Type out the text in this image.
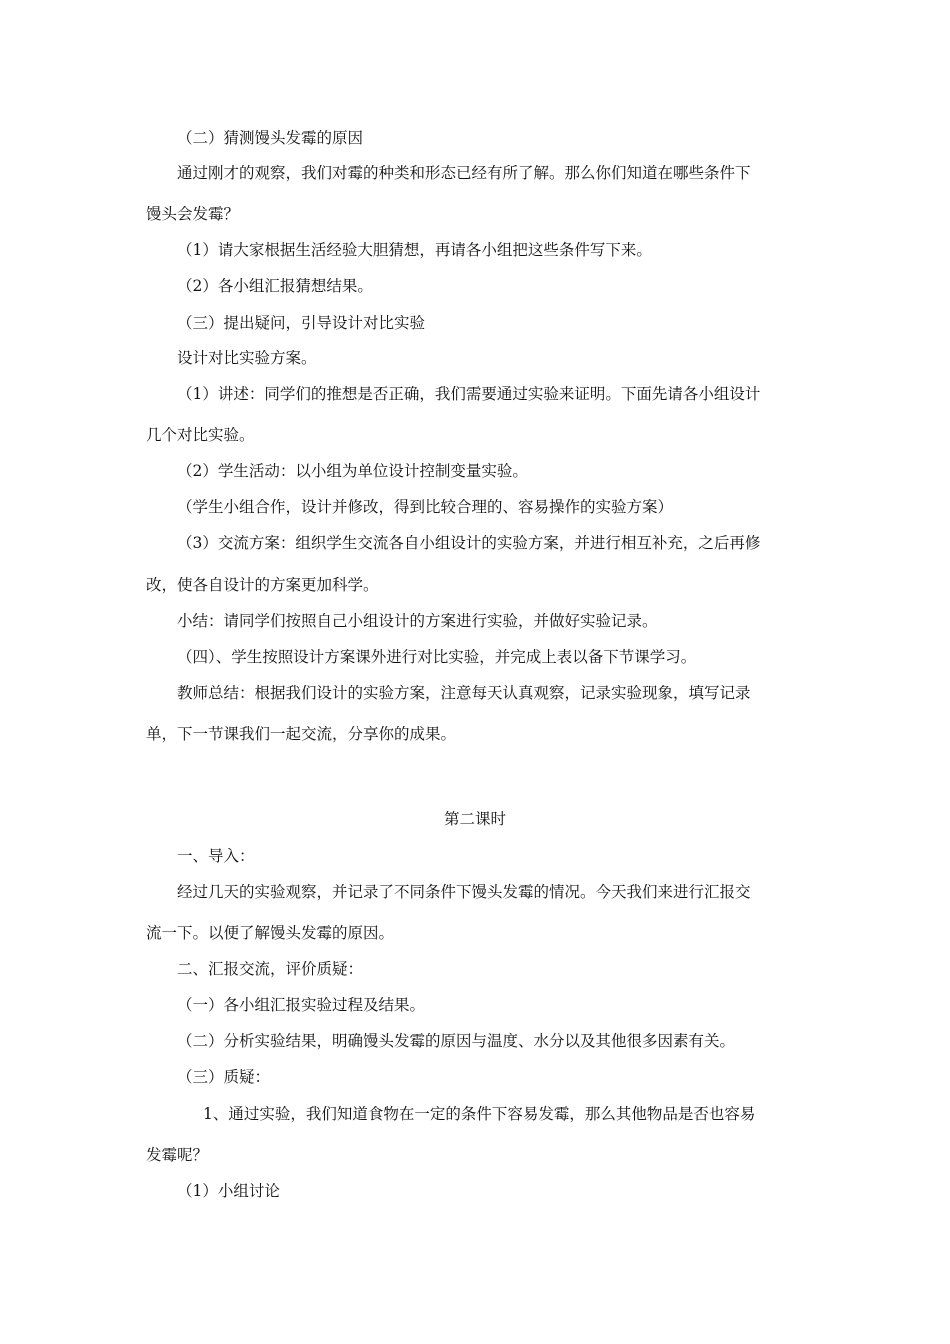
（二）猜测馒头发霉的原因

通过刚才的观察，我们对霉的种类和形态已经有所了解。那么你们知道在哪些条件下

馒头会发霉？

（1）请大家根据生活经验大胆猜想，再请各小组把这些条件写下来。

（2）各小组汇报猜想结果。

（三）提出疑问，引导设计对比实验

设计对比实验方案。

（1）讲述：同学们的推想是否正确，我们需要通过实验来证明。下面先请各小组设计

几个对比实验。

（2）学生活动：以小组为单位设计控制变量实验。

（学生小组合作，设计并修改，得到比较合理的、容易操作的实验方案）

（3）交流方案：组织学生交流各自小组设计的实验方案，并进行相互补充，之后再修

改，使各自设计的方案更加科学。

小结：请同学们按照自己小组设计的方案进行实验，并做好实验记录。

（四）、学生按照设计方案课外进行对比实验，并完成上表以备下节课学习。

教师总结：根据我们设计的实验方案，注意每天认真观察，记录实验现象，填写记录

单，下一节课我们一起交流，分享你的成果。

第二课时

一、导入：

经过几天的实验观察，并记录了不同条件下馒头发霉的情况。今天我们来进行汇报交

流一下。以便了解馒头发霉的原因。

二、汇报交流，评价质疑：

（一）各小组汇报实验过程及结果。

（二）分析实验结果，明确馒头发霉的原因与温度、水分以及其他很多因素有关。

（三）质疑：

1、通过实验，我们知道食物在一定的条件下容易发霉，那么其他物品是否也容易

发霉呢？

（1）小组讨论
